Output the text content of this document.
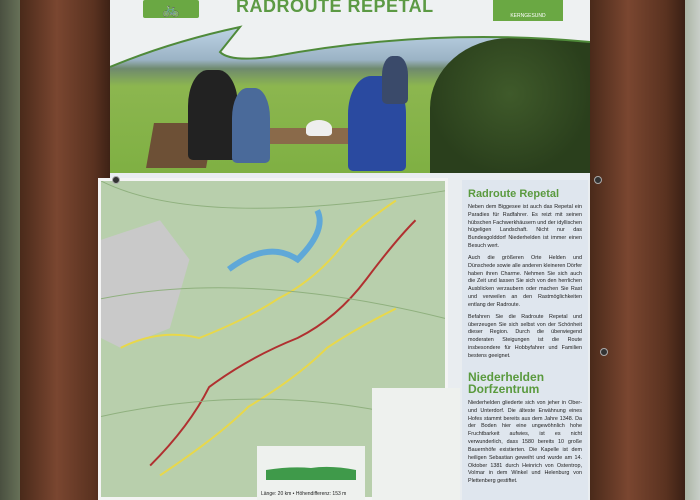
🚲	RADROUTE REPETAL	KERNGESUND
Länge: 20 km • Höhendifferenz: 153 m
Radroute Repetal

Neben dem Biggesee ist auch das Repetal ein Paradies für Radfahrer. Es reizt mit seinen hübschen Fachwerkhäusern und der idyllischen hügeligen Landschaft. Nicht nur das Bundesgolddorf Niederhelden ist immer einen Besuch wert.

Auch die größeren Orte Helden und Dünschede sowie alle anderen kleineren Dörfer haben ihren Charme. Nehmen Sie sich auch die Zeit und lassen Sie sich von den herrlichen Ausblicken verzaubern oder machen Sie Rast und verweilen an den Rastmöglichkeiten entlang der Radroute.

Befahren Sie die Radroute Repetal und überzeugen Sie sich selbst von der Schönheit dieser Region. Durch die überwiegend moderaten Steigungen ist die Route insbesondere für Hobbyfahrer und Familien bestens geeignet.

Niederhelden Dorfzentrum

Niederhelden gliederte sich von jeher in Ober- und Unterdorf. Die älteste Erwähnung eines Hofes stammt bereits aus dem Jahre 1348. Da der Boden hier eine ungewöhnlich hohe Fruchtbarkeit aufwies, ist es nicht verwunderlich, dass 1580 bereits 10 große Bauernhöfe existierten. Die Kapelle ist dem heiligen Sebastian geweiht und wurde am 14. Oktober 1381 durch Heinrich von Ostentrop, Volmar in dem Winkel und Helenburg von Plettenberg gestiftet.
